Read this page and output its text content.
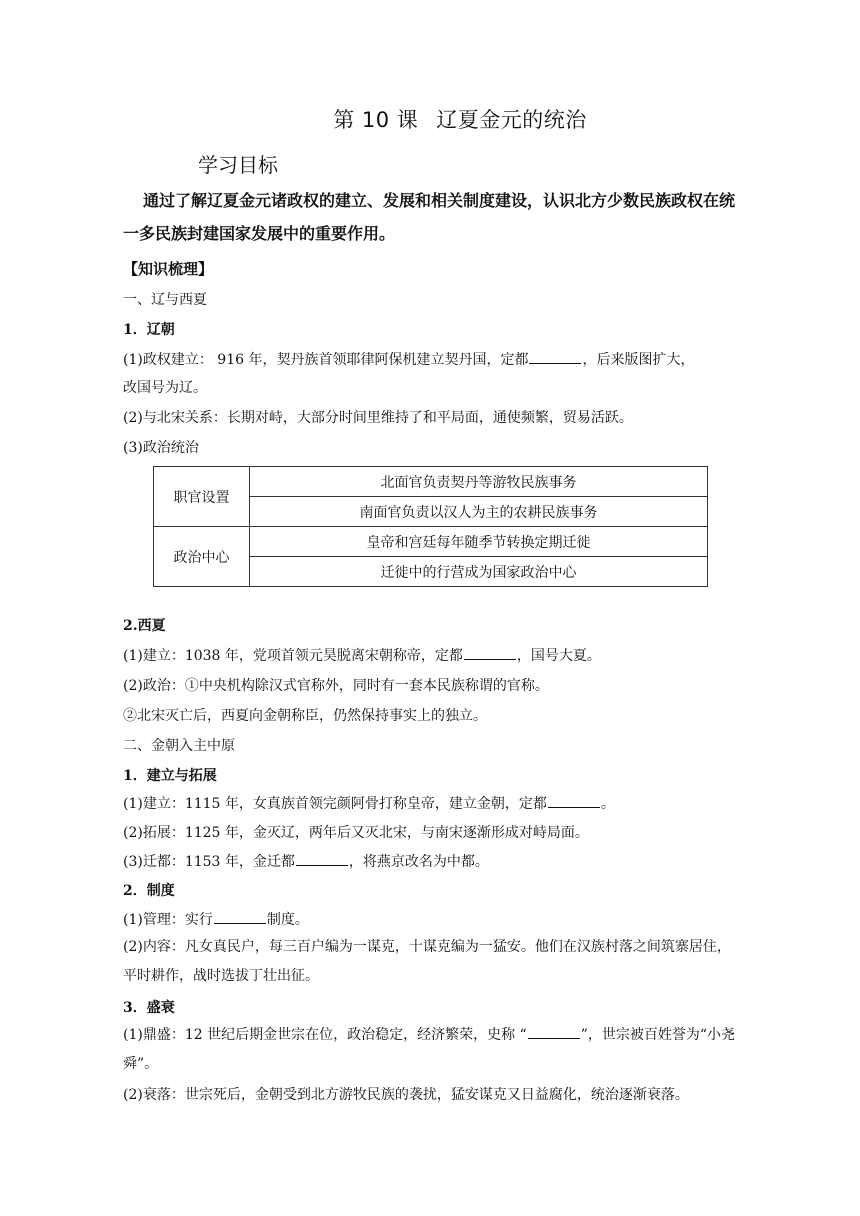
第 10 课 辽夏金元的统治
学习目标
通过了解辽夏金元诸政权的建立、发展和相关制度建设，认识北方少数民族政权在统一多民族封建国家发展中的重要作用。
【知识梳理】
一、辽与西夏
1．辽朝
(1)政权建立： 916 年，契丹族首领耶律阿保机建立契丹国，定都	，后来版图扩大，
改国号为辽。
(2)与北宋关系：长期对峙，大部分时间里维持了和平局面，通使频繁，贸易活跃。
(3)政治统治
职官设置	北面官负责契丹等游牧民族事务
	南面官负责以汉人为主的农耕民族事务
政治中心	皇帝和宫廷每年随季节转换定期迁徙
	迁徙中的行营成为国家政治中心
2.西夏
(1)建立：1038 年，党项首领元昊脱离宋朝称帝，定都	，国号大夏。
(2)政治：①中央机构除汉式官称外，同时有一套本民族称谓的官称。
②北宋灭亡后，西夏向金朝称臣，仍然保持事实上的独立。
二、金朝入主中原
1．建立与拓展
(1)建立：1115 年，女真族首领完颜阿骨打称皇帝，建立金朝，定都	。
(2)拓展：1125 年，金灭辽，两年后又灭北宋，与南宋逐渐形成对峙局面。
(3)迁都：1153 年，金迁都	，将燕京改名为中都。
2．制度
(1)管理：实行	制度。
(2)内容：凡女真民户，每三百户编为一谋克，十谋克编为一猛安。他们在汉族村落之间筑寨居住，平时耕作，战时选拔丁壮出征。
3．盛衰
(1)鼎盛：12 世纪后期金世宗在位，政治稳定，经济繁荣，史称 “	”，世宗被百姓誉为“小尧舜”。
(2)衰落：世宗死后，金朝受到北方游牧民族的袭扰，猛安谋克又日益腐化，统治逐渐衰落。
